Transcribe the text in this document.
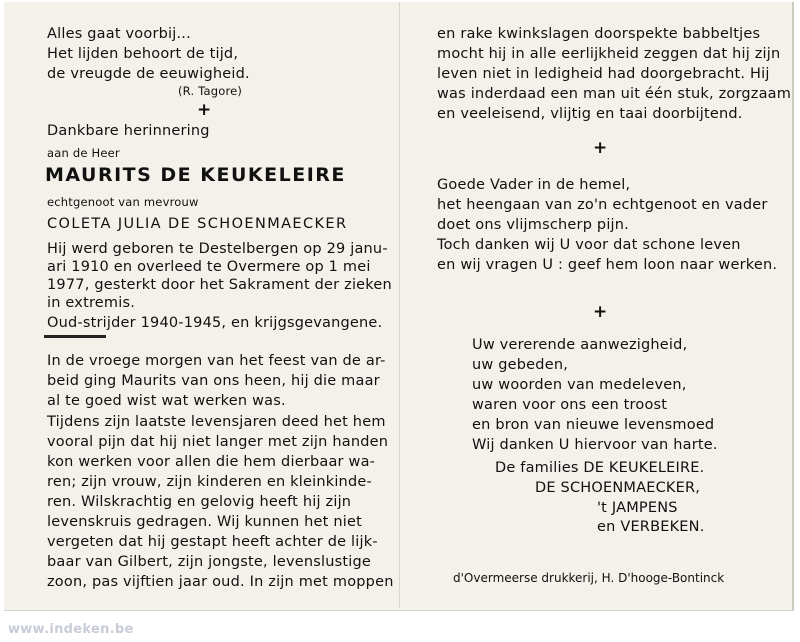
Alles gaat voorbij...
Het lijden behoort de tijd,
de vreugde de eeuwigheid.
(R. Tagore)
+
Dankbare herinnering
aan de Heer
MAURITS DE KEUKELEIRE
echtgenoot van mevrouw
COLETA JULIA DE SCHOENMAECKER
Hij werd geboren te Destelbergen op 29 janu-
ari 1910 en overleed te Overmere op 1 mei
1977, gesterkt door het Sakrament der zieken
in extremis.
Oud-strijder 1940-1945, en krijgsgevangene.
In de vroege morgen van het feest van de ar-
beid ging Maurits van ons heen, hij die maar
al te goed wist wat werken was.
Tijdens zijn laatste levensjaren deed het hem
vooral pijn dat hij niet langer met zijn handen
kon werken voor allen die hem dierbaar wa-
ren; zijn vrouw, zijn kinderen en kleinkinde-
ren. Wilskrachtig en gelovig heeft hij zijn
levenskruis gedragen. Wij kunnen het niet
vergeten dat hij gestapt heeft achter de lijk-
baar van Gilbert, zijn jongste, levenslustige
zoon, pas vijftien jaar oud. In zijn met moppen
en rake kwinkslagen doorspekte babbeltjes
mocht hij in alle eerlijkheid zeggen dat hij zijn
leven niet in ledigheid had doorgebracht. Hij
was inderdaad een man uit één stuk, zorgzaam
en veeleisend, vlijtig en taai doorbijtend.
+
Goede Vader in de hemel,
het heengaan van zo'n echtgenoot en vader
doet ons vlijmscherp pijn.
Toch danken wij U voor dat schone leven
en wij vragen U : geef hem loon naar werken.
+
Uw vererende aanwezigheid,
uw gebeden,
uw woorden van medeleven,
waren voor ons een troost
en bron van nieuwe levensmoed
Wij danken U hiervoor van harte.
De families DE KEUKELEIRE.
DE SCHOENMAECKER,
't JAMPENS
en VERBEKEN.
d'Overmeerse drukkerij, H. D'hooge-Bontinck
www.indeken.be
